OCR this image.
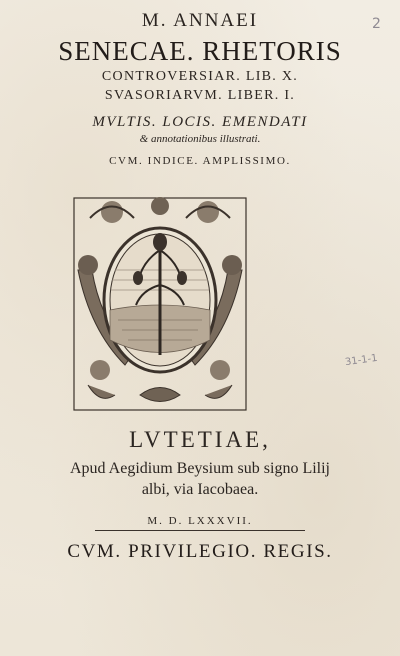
2
M. ANNAEI
SENECAE. RHETORIS
CONTROVERSIAR. LIB. X.
SVASORIARVM. LIBER. I.
MVLTIS. LOCIS. EMENDATI
& annotationibus illustrati.
CVM. INDICE. AMPLISSIMO.
31-1-1
LVTETIAE,
Apud Aegidium Beysium sub signo Lilij
albi, via Iacobaea.
M. D. LXXXVII.
CVM. PRIVILEGIO. REGIS.
